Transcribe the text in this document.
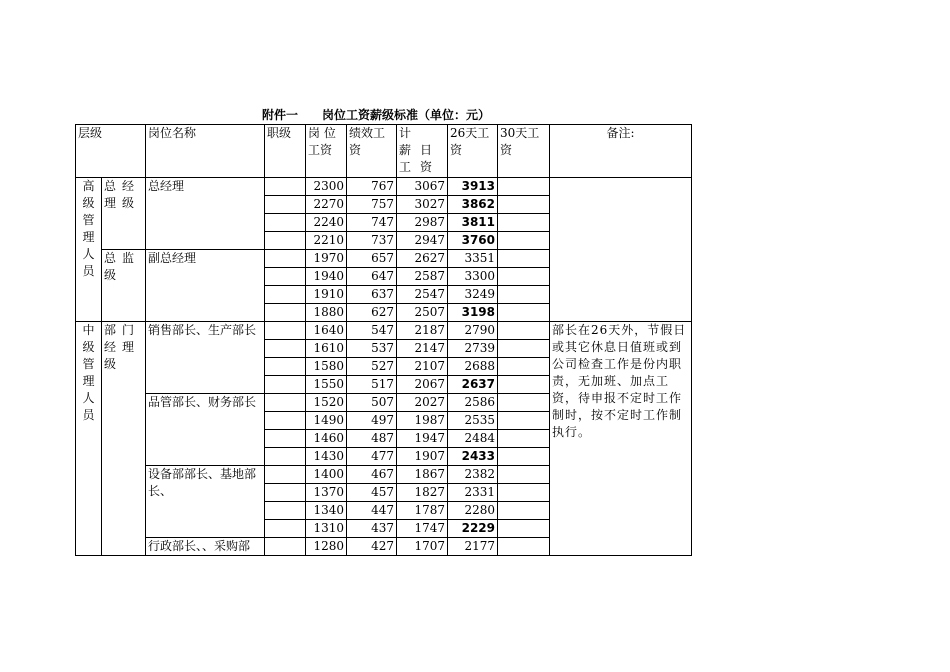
附件一　　岗位工资薪级标准（单位：元）
层级		岗位名称	职级	岗 位工资	绩效工资	计 薪日 工资	26天工资	30天工资	备注:
高级管理人员	总经理级	总经理		2300	767	3067	3913		
				2270	757	3027	3862		
				2240	747	2987	3811		
				2210	737	2947	3760		
	总监级	副总经理		1970	657	2627	3351		
				1940	647	2587	3300		
				1910	637	2547	3249		
				1880	627	2507	3198		
中级管理人员	部门经理级	销售部长、生产部长		1640	547	2187	2790		部长在26天外，节假日或其它休息日值班或到公司检查工作是份内职责，无加班、加点工资，待申报不定时工作制时，按不定时工作制执行。
				1610	537	2147	2739		
				1580	527	2107	2688		
				1550	517	2067	2637		
		品管部长、财务部长		1520	507	2027	2586		
				1490	497	1987	2535		
				1460	487	1947	2484		
				1430	477	1907	2433		
		设备部部长、基地部长、		1400	467	1867	2382		
				1370	457	1827	2331		
				1340	447	1787	2280		
				1310	437	1747	2229		
		行政部长、、采购部		1280	427	1707	2177		
